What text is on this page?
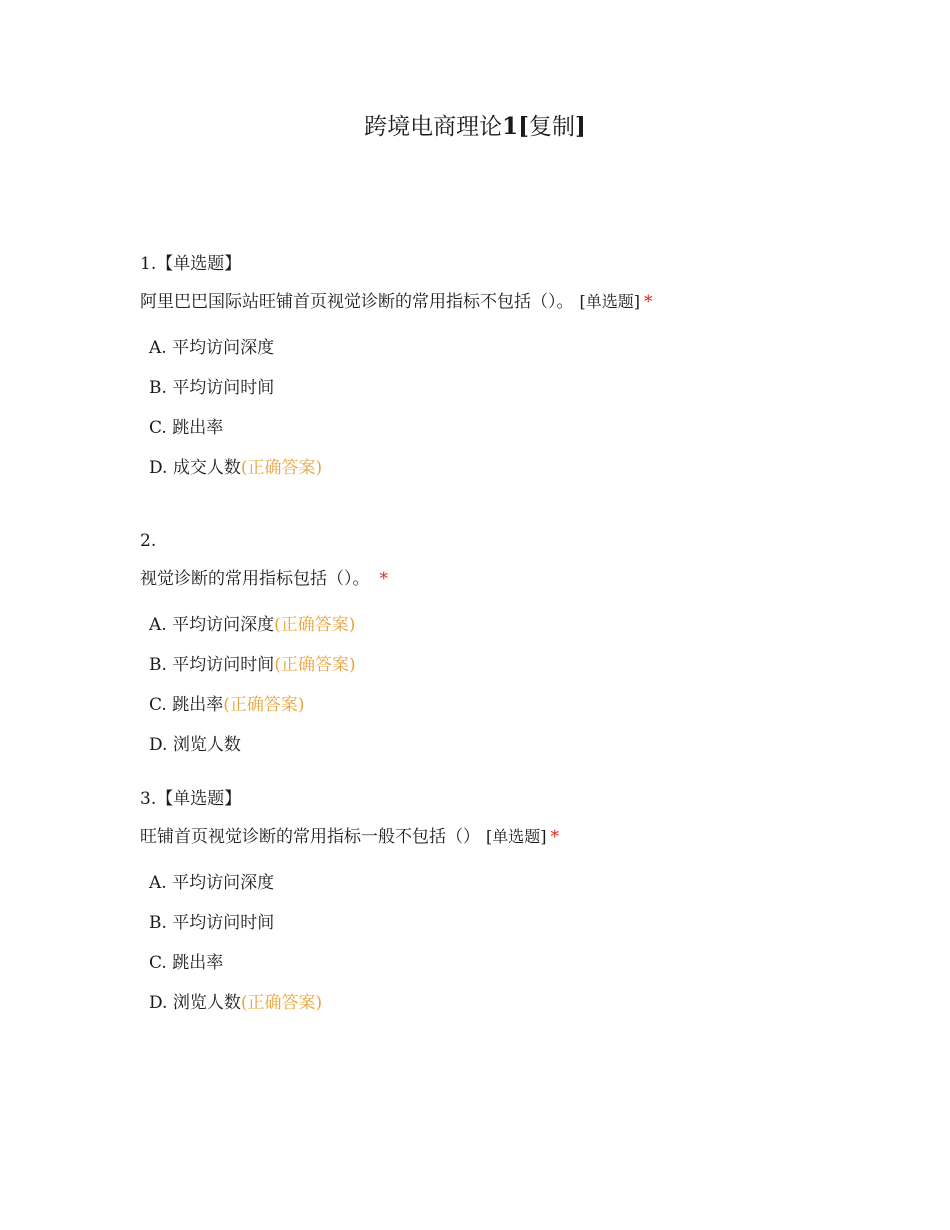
跨境电商理论1[复制]
1.【单选题】
阿里巴巴国际站旺铺首页视觉诊断的常用指标不包括（）。 [单选题] *
A. 平均访问深度
B. 平均访问时间
C. 跳出率
D. 成交人数(正确答案)
2.
视觉诊断的常用指标包括（）。 *
A. 平均访问深度(正确答案)
B. 平均访问时间(正确答案)
C. 跳出率(正确答案)
D. 浏览人数
3.【单选题】
旺铺首页视觉诊断的常用指标一般不包括（） [单选题] *
A. 平均访问深度
B. 平均访问时间
C. 跳出率
D. 浏览人数(正确答案)
